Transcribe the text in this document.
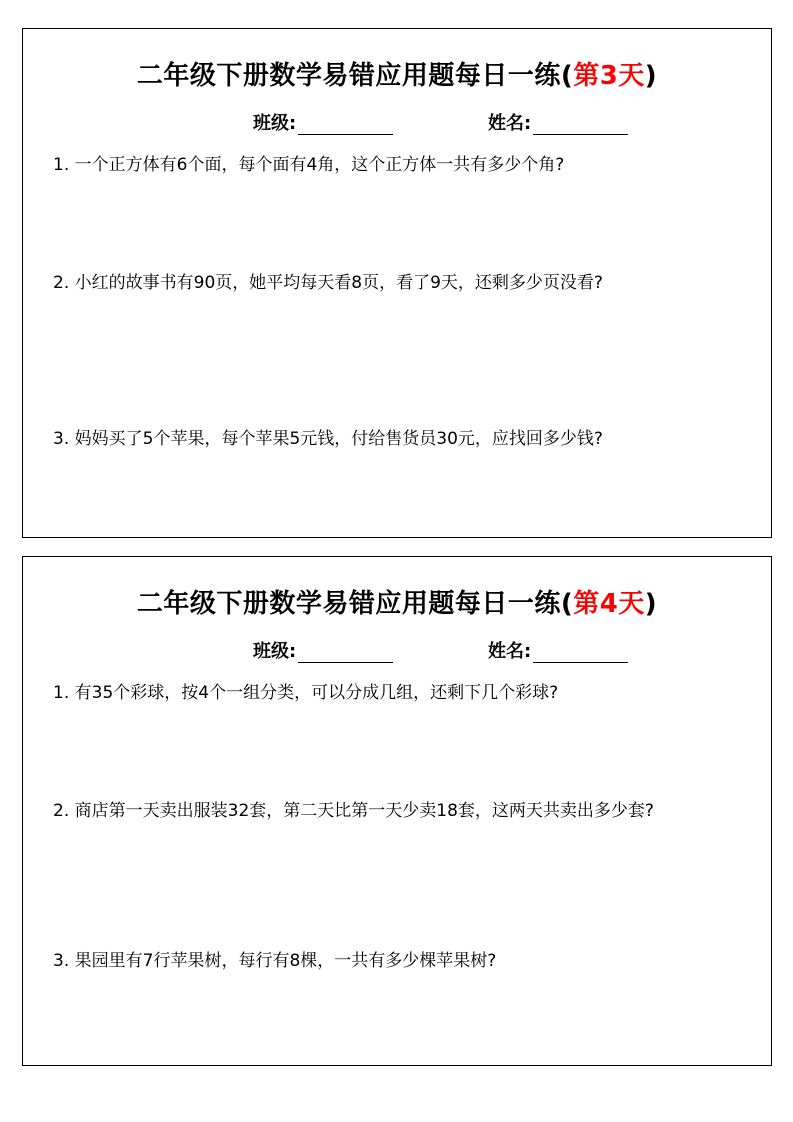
二年级下册数学易错应用题每日一练(第3天)
班级:	姓名:
1. 一个正方体有6个面，每个面有4角，这个正方体一共有多少个角?
2. 小红的故事书有90页，她平均每天看8页，看了9天，还剩多少页没看?
3. 妈妈买了5个苹果，每个苹果5元钱，付给售货员30元，应找回多少钱?
二年级下册数学易错应用题每日一练(第4天)
班级:	姓名:
1. 有35个彩球，按4个一组分类，可以分成几组，还剩下几个彩球?
2. 商店第一天卖出服装32套，第二天比第一天少卖18套，这两天共卖出多少套?
3. 果园里有7行苹果树，每行有8棵，一共有多少棵苹果树?
